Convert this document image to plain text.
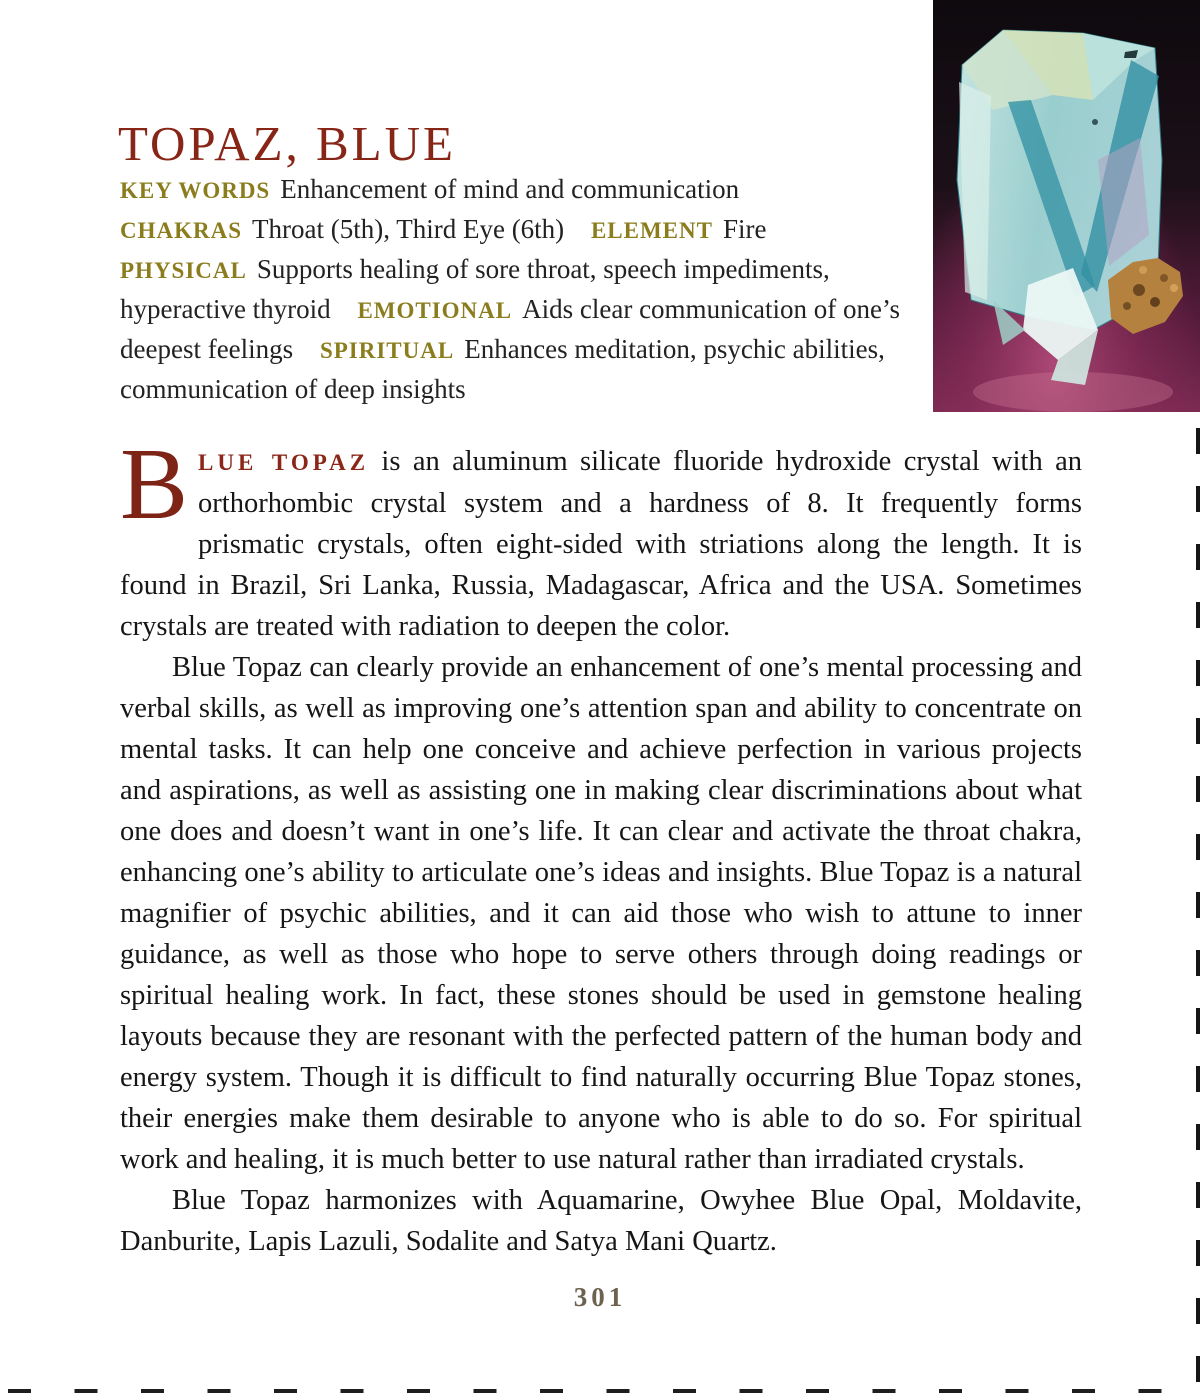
TOPAZ, BLUE
KEY WORDS Enhancement of mind and communication
CHAKRAS Throat (5th), Third Eye (6th) ELEMENT Fire
PHYSICAL Supports healing of sore throat, speech impediments, hyperactive thyroid EMOTIONAL Aids clear communication of one’s deepest feelings SPIRITUAL Enhances meditation, psychic abilities, communication of deep insights

BLUE TOPAZ is an aluminum silicate fluoride hydroxide crystal with an orthorhombic crystal system and a hardness of 8. It frequently forms prismatic crystals, often eight-sided with striations along the length. It is found in Brazil, Sri Lanka, Russia, Madagascar, Africa and the USA. Sometimes crystals are treated with radiation to deepen the color.

Blue Topaz can clearly provide an enhancement of one’s mental processing and verbal skills, as well as improving one’s attention span and ability to concentrate on mental tasks. It can help one conceive and achieve perfection in various projects and aspirations, as well as assisting one in making clear discriminations about what one does and doesn’t want in one’s life. It can clear and activate the throat chakra, enhancing one’s ability to articulate one’s ideas and insights. Blue Topaz is a natural magnifier of psychic abilities, and it can aid those who wish to attune to inner guidance, as well as those who hope to serve others through doing readings or spiritual healing work. In fact, these stones should be used in gemstone healing layouts because they are resonant with the perfected pattern of the human body and energy system. Though it is difficult to find naturally occurring Blue Topaz stones, their energies make them desirable to anyone who is able to do so. For spiritual work and healing, it is much better to use natural rather than irradiated crystals.

Blue Topaz harmonizes with Aquamarine, Owyhee Blue Opal, Moldavite, Danburite, Lapis Lazuli, Sodalite and Satya Mani Quartz.

301
